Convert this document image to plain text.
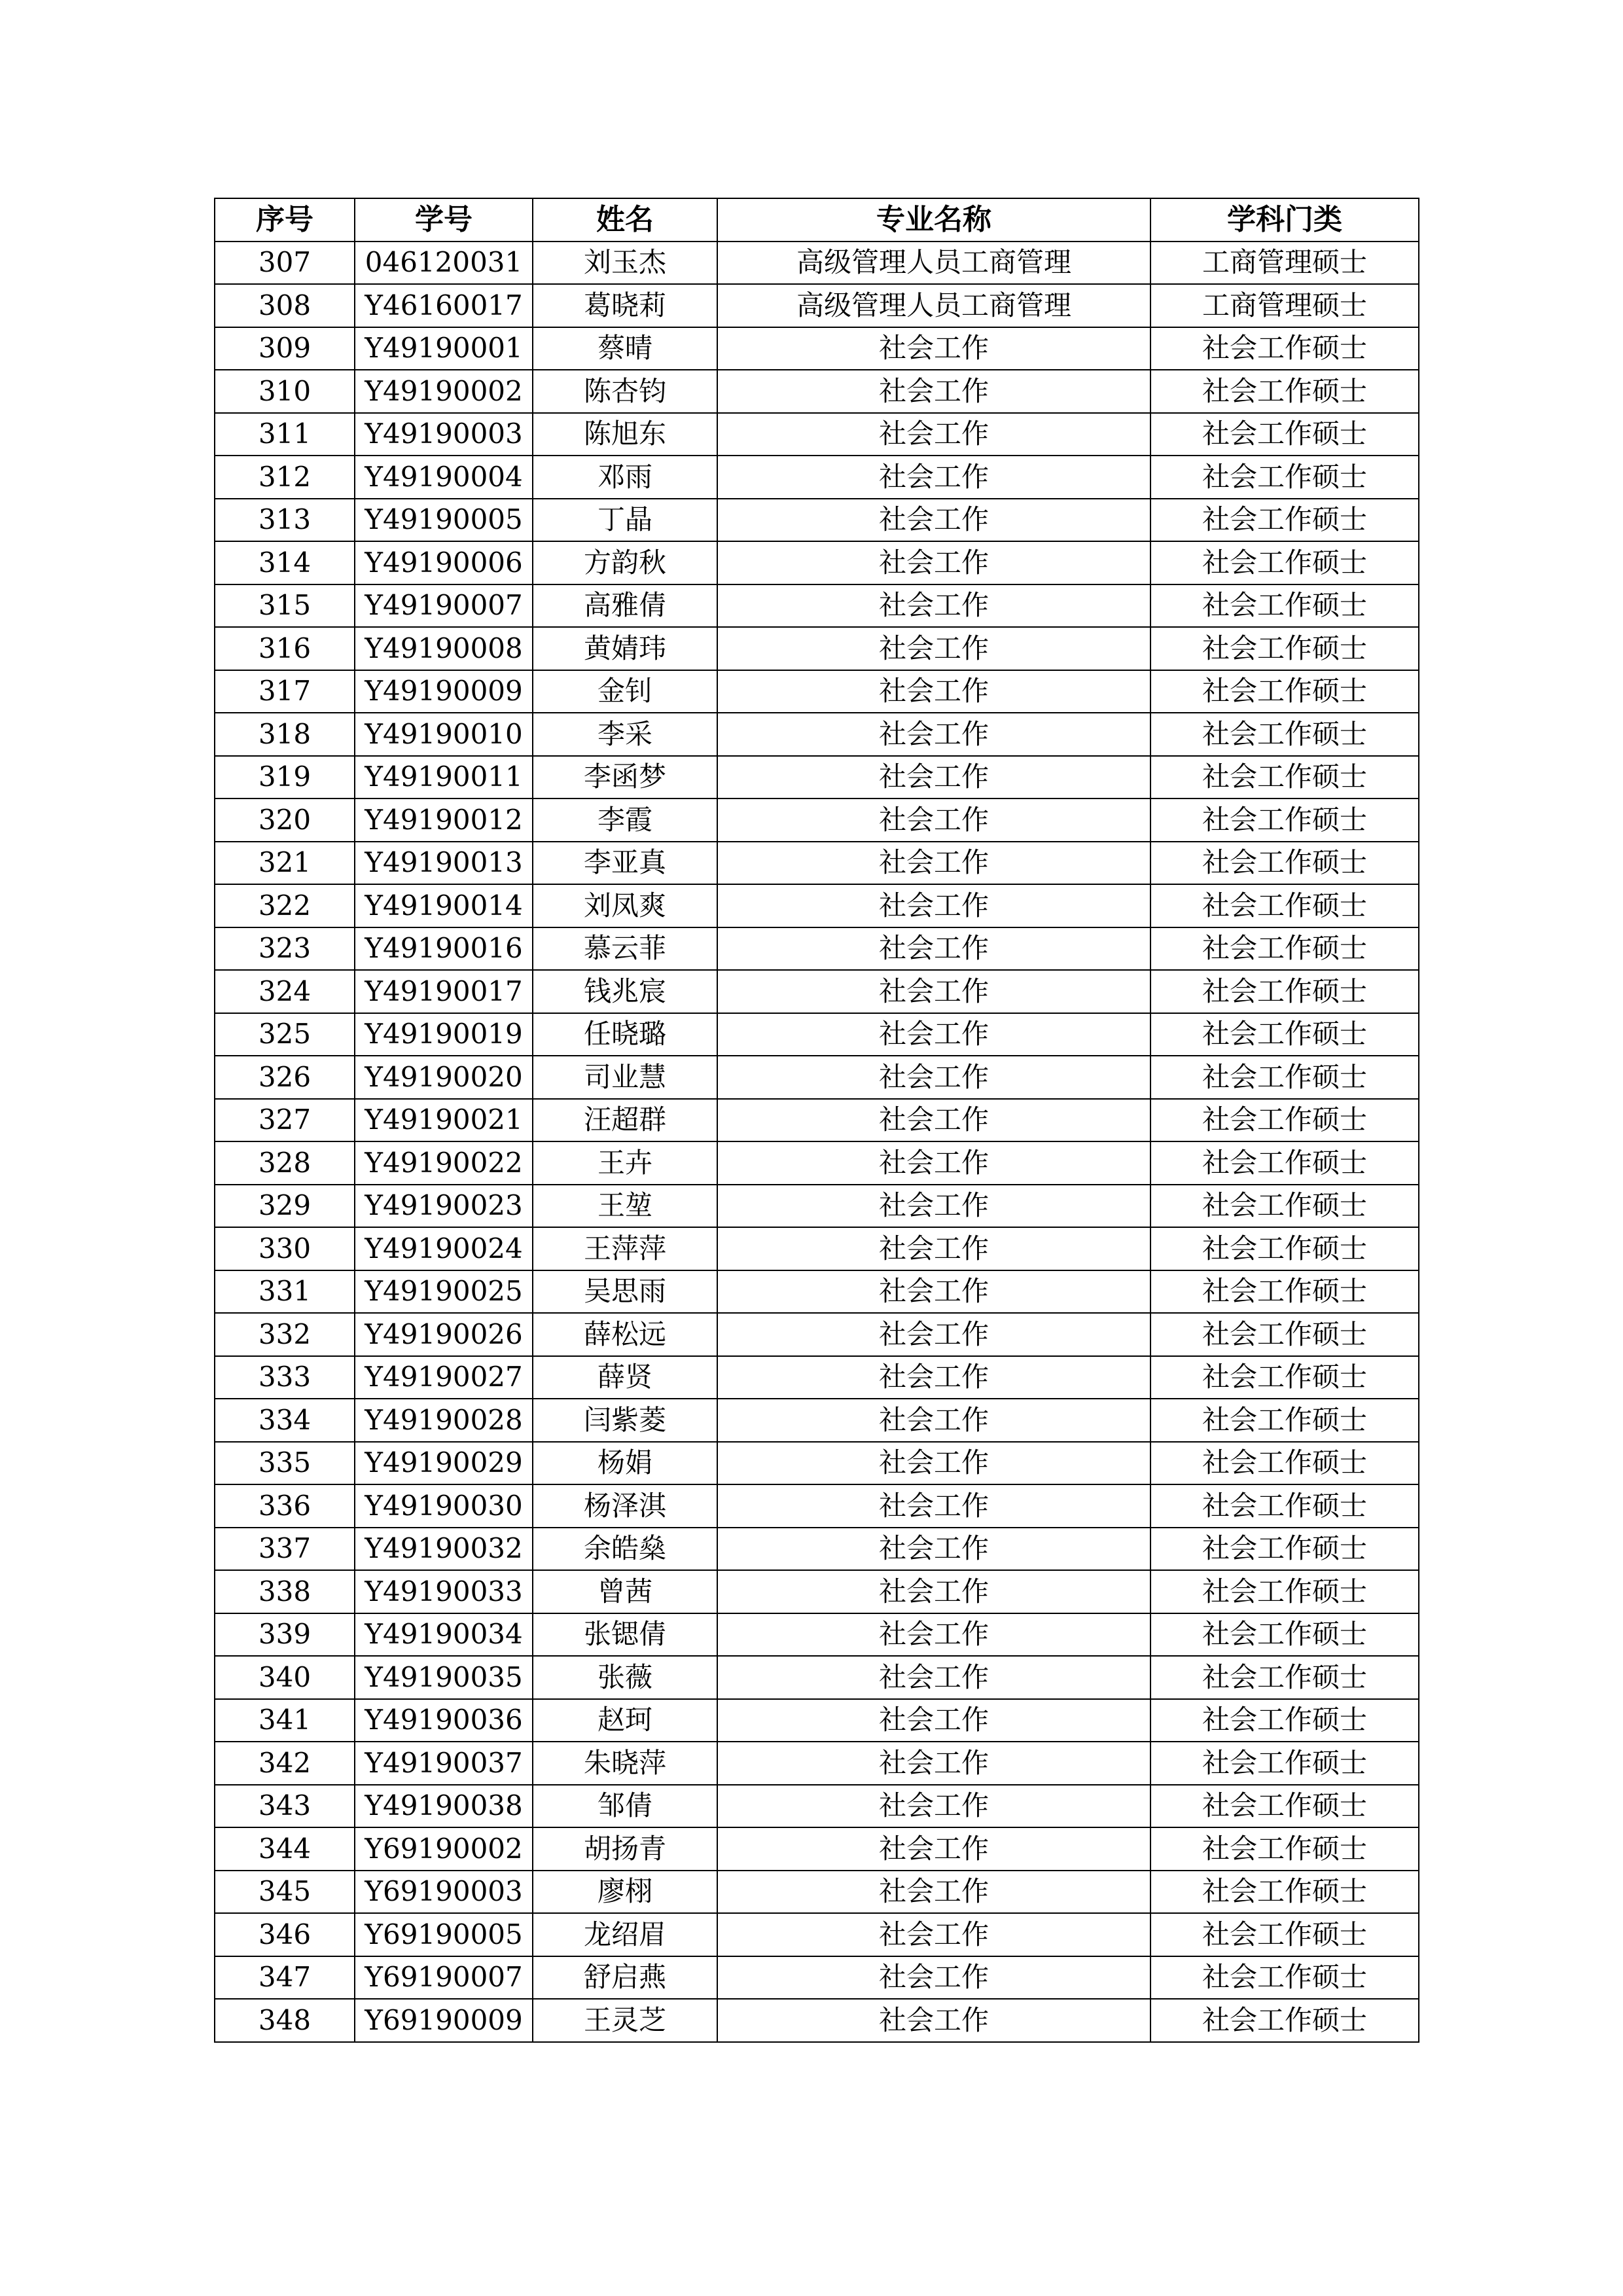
序号	学号	姓名	专业名称	学科门类
307	046120031	刘玉杰	高级管理人员工商管理	工商管理硕士
308	Y46160017	葛晓莉	高级管理人员工商管理	工商管理硕士
309	Y49190001	蔡晴	社会工作	社会工作硕士
310	Y49190002	陈杏钧	社会工作	社会工作硕士
311	Y49190003	陈旭东	社会工作	社会工作硕士
312	Y49190004	邓雨	社会工作	社会工作硕士
313	Y49190005	丁晶	社会工作	社会工作硕士
314	Y49190006	方韵秋	社会工作	社会工作硕士
315	Y49190007	高雅倩	社会工作	社会工作硕士
316	Y49190008	黄婧玮	社会工作	社会工作硕士
317	Y49190009	金钊	社会工作	社会工作硕士
318	Y49190010	李采	社会工作	社会工作硕士
319	Y49190011	李函梦	社会工作	社会工作硕士
320	Y49190012	李霞	社会工作	社会工作硕士
321	Y49190013	李亚真	社会工作	社会工作硕士
322	Y49190014	刘凤爽	社会工作	社会工作硕士
323	Y49190016	慕云菲	社会工作	社会工作硕士
324	Y49190017	钱兆宸	社会工作	社会工作硕士
325	Y49190019	任晓璐	社会工作	社会工作硕士
326	Y49190020	司业慧	社会工作	社会工作硕士
327	Y49190021	汪超群	社会工作	社会工作硕士
328	Y49190022	王卉	社会工作	社会工作硕士
329	Y49190023	王堃	社会工作	社会工作硕士
330	Y49190024	王萍萍	社会工作	社会工作硕士
331	Y49190025	吴思雨	社会工作	社会工作硕士
332	Y49190026	薛松远	社会工作	社会工作硕士
333	Y49190027	薛贤	社会工作	社会工作硕士
334	Y49190028	闫紫菱	社会工作	社会工作硕士
335	Y49190029	杨娟	社会工作	社会工作硕士
336	Y49190030	杨泽淇	社会工作	社会工作硕士
337	Y49190032	余皓燊	社会工作	社会工作硕士
338	Y49190033	曾茜	社会工作	社会工作硕士
339	Y49190034	张锶倩	社会工作	社会工作硕士
340	Y49190035	张薇	社会工作	社会工作硕士
341	Y49190036	赵珂	社会工作	社会工作硕士
342	Y49190037	朱晓萍	社会工作	社会工作硕士
343	Y49190038	邹倩	社会工作	社会工作硕士
344	Y69190002	胡扬青	社会工作	社会工作硕士
345	Y69190003	廖栩	社会工作	社会工作硕士
346	Y69190005	龙绍眉	社会工作	社会工作硕士
347	Y69190007	舒启燕	社会工作	社会工作硕士
348	Y69190009	王灵芝	社会工作	社会工作硕士
